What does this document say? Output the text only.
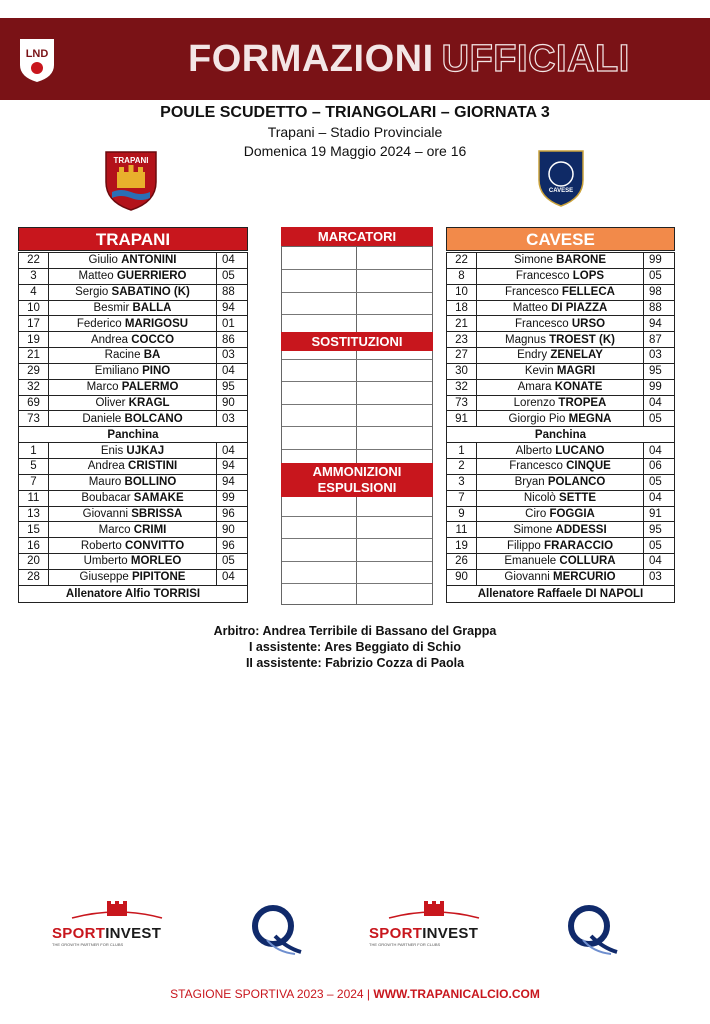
LND	FORMAZIONI UFFICIALI
POULE SCUDETTO – TRIANGOLARI – GIORNATA 3
Trapani – Stadio Provinciale
Domenica 19 Maggio 2024 – ore 16
TRAPANI
CAVESE
TRAPANI	CAVESE
22	Giulio ANTONINI	04
3	Matteo GUERRIERO	05
4	Sergio SABATINO (K)	88
10	Besmir BALLA	94
17	Federico MARIGOSU	01
19	Andrea COCCO	86
21	Racine BA	03
29	Emiliano PINO	04
32	Marco PALERMO	95
69	Oliver KRAGL	90
73	Daniele BOLCANO	03
Panchina		
1	Enis UJKAJ	04
5	Andrea CRISTINI	94
7	Mauro BOLLINO	94
11	Boubacar SAMAKE	99
13	Giovanni SBRISSA	96
15	Marco CRIMI	90
16	Roberto CONVITTO	96
20	Umberto MORLEO	05
28	Giuseppe PIPITONE	04
Allenatore Alfio TORRISI		
22	Simone BARONE	99
8	Francesco LOPS	05
10	Francesco FELLECA	98
18	Matteo DI PIAZZA	88
21	Francesco URSO	94
23	Magnus TROEST (K)	87
27	Endry ZENELAY	03
30	Kevin MAGRI	95
32	Amara KONATE	99
73	Lorenzo TROPEA	04
91	Giorgio Pio MEGNA	05
Panchina		
1	Alberto LUCANO	04
2	Francesco CINQUE	06
3	Bryan POLANCO	05
7	Nicolò SETTE	04
9	Ciro FOGGIA	91
11	Simone ADDESSI	95
19	Filippo FRARACCIO	05
26	Emanuele COLLURA	04
90	Giovanni MERCURIO	03
Allenatore Raffaele DI NAPOLI		
MARCATORI
SOSTITUZIONI
AMMONIZIONI
ESPULSIONI
Arbitro: Andrea Terribile di Bassano del Grappa
I assistente: Ares Beggiato di Schio
II assistente: Fabrizio Cozza di Paola
SPORTINVEST
THE GROWTH PARTNER FOR CLUBS
SPORTINVEST
THE GROWTH PARTNER FOR CLUBS
STAGIONE SPORTIVA 2023 – 2024 | WWW.TRAPANICALCIO.COM
